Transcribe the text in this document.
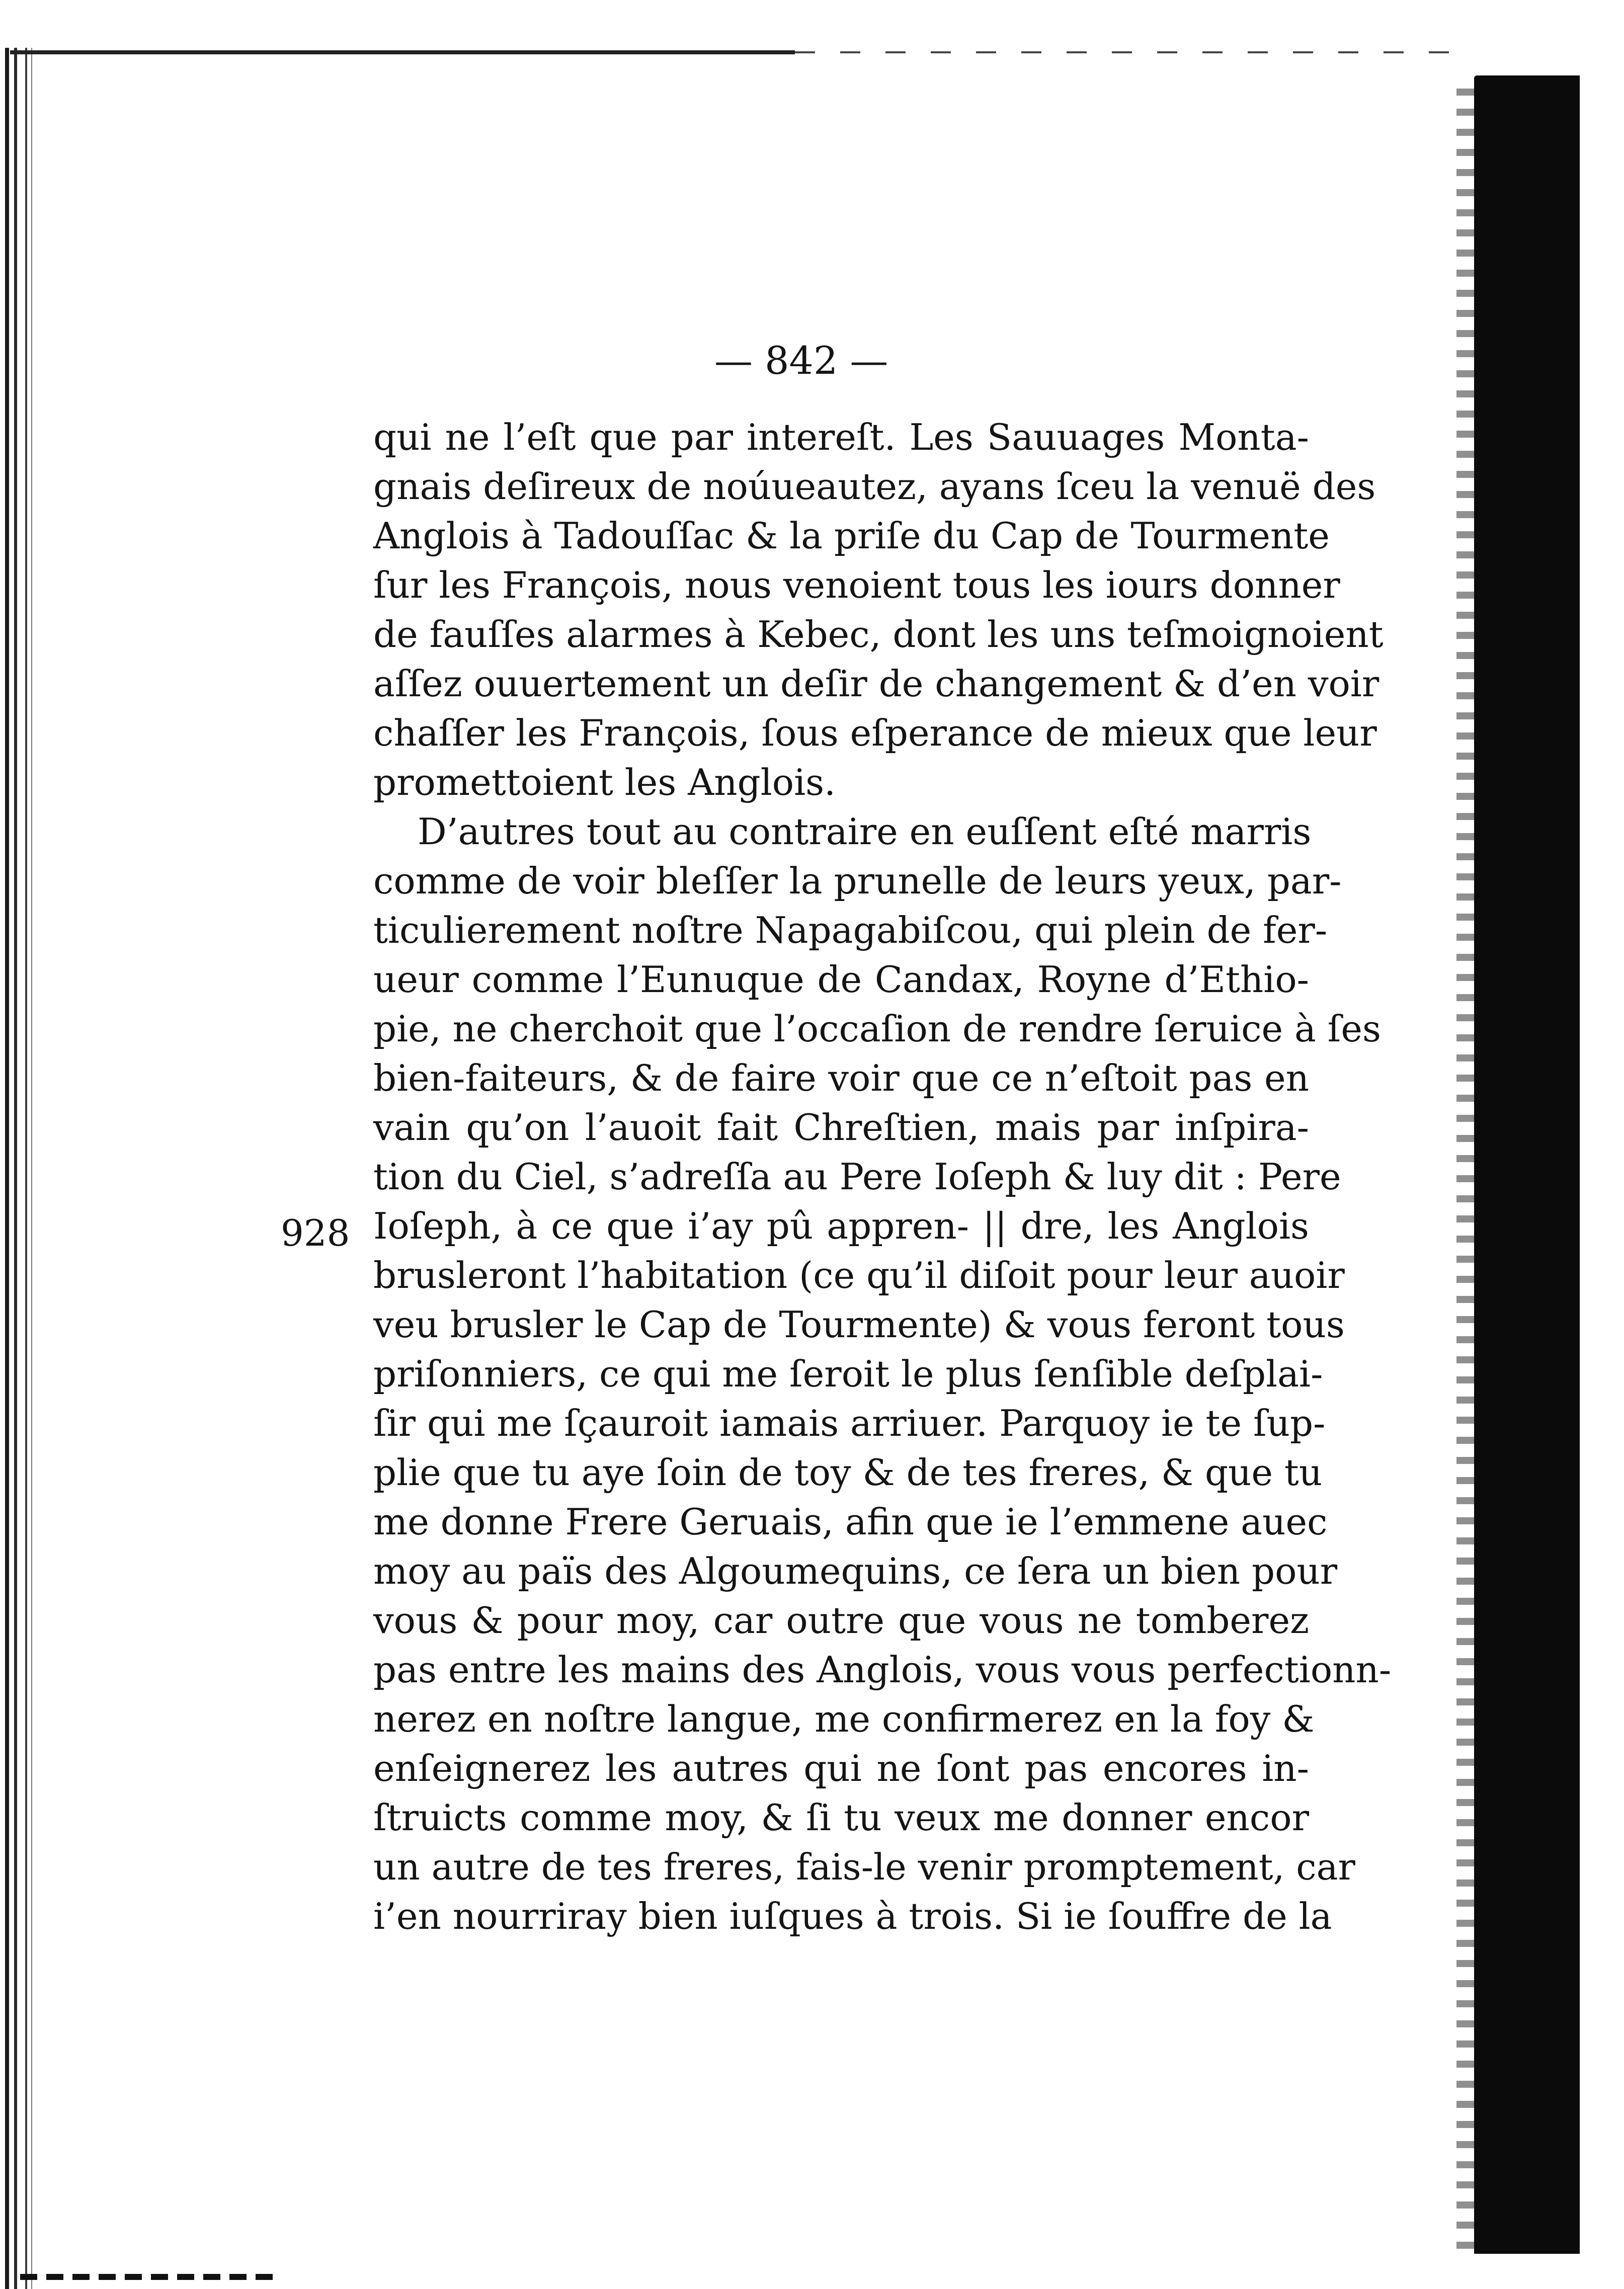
— 842 —
928
qui ne l’eſt que par intereſt. Les Sauuages Monta-
gnais deſireux de noúueautez, ayans ſceu la venuë des
Anglois à Tadouſſac & la priſe du Cap de Tourmente
ſur les François, nous venoient tous les iours donner
de fauſſes alarmes à Kebec, dont les uns teſmoignoient
aſſez ouuertement un deſir de changement & d’en voir
chaſſer les François, ſous eſperance de mieux que leur
promettoient les Anglois.
D’autres tout au contraire en euſſent eſté marris
comme de voir bleſſer la prunelle de leurs yeux, par-
ticulierement noſtre Napagabiſcou, qui plein de fer-
ueur comme l’Eunuque de Candax, Royne d’Ethio-
pie, ne cherchoit que l’occaſion de rendre ſeruice à ſes
bien-faiteurs, & de faire voir que ce n’eſtoit pas en
vain qu’on l’auoit fait Chreſtien, mais par inſpira-
tion du Ciel, s’adreſſa au Pere Ioſeph & luy dit : Pere
Ioſeph, à ce que i’ay pû appren- || dre, les Anglois
brusleront l’habitation (ce qu’il diſoit pour leur auoir
veu brusler le Cap de Tourmente) & vous feront tous
priſonniers, ce qui me ſeroit le plus ſenſible deſplai-
ſir qui me ſçauroit iamais arriuer. Parquoy ie te ſup-
plie que tu aye ſoin de toy & de tes freres, & que tu
me donne Frere Geruais, afin que ie l’emmene auec
moy au païs des Algoumequins, ce ſera un bien pour
vous & pour moy, car outre que vous ne tomberez
pas entre les mains des Anglois, vous vous perfectionn-
nerez en noſtre langue, me confirmerez en la foy &
enſeignerez les autres qui ne ſont pas encores in-
ſtruicts comme moy, & ſi tu veux me donner encor
un autre de tes freres, fais-le venir promptement, car
i’en nourriray bien iuſques à trois. Si ie ſouffre de la
